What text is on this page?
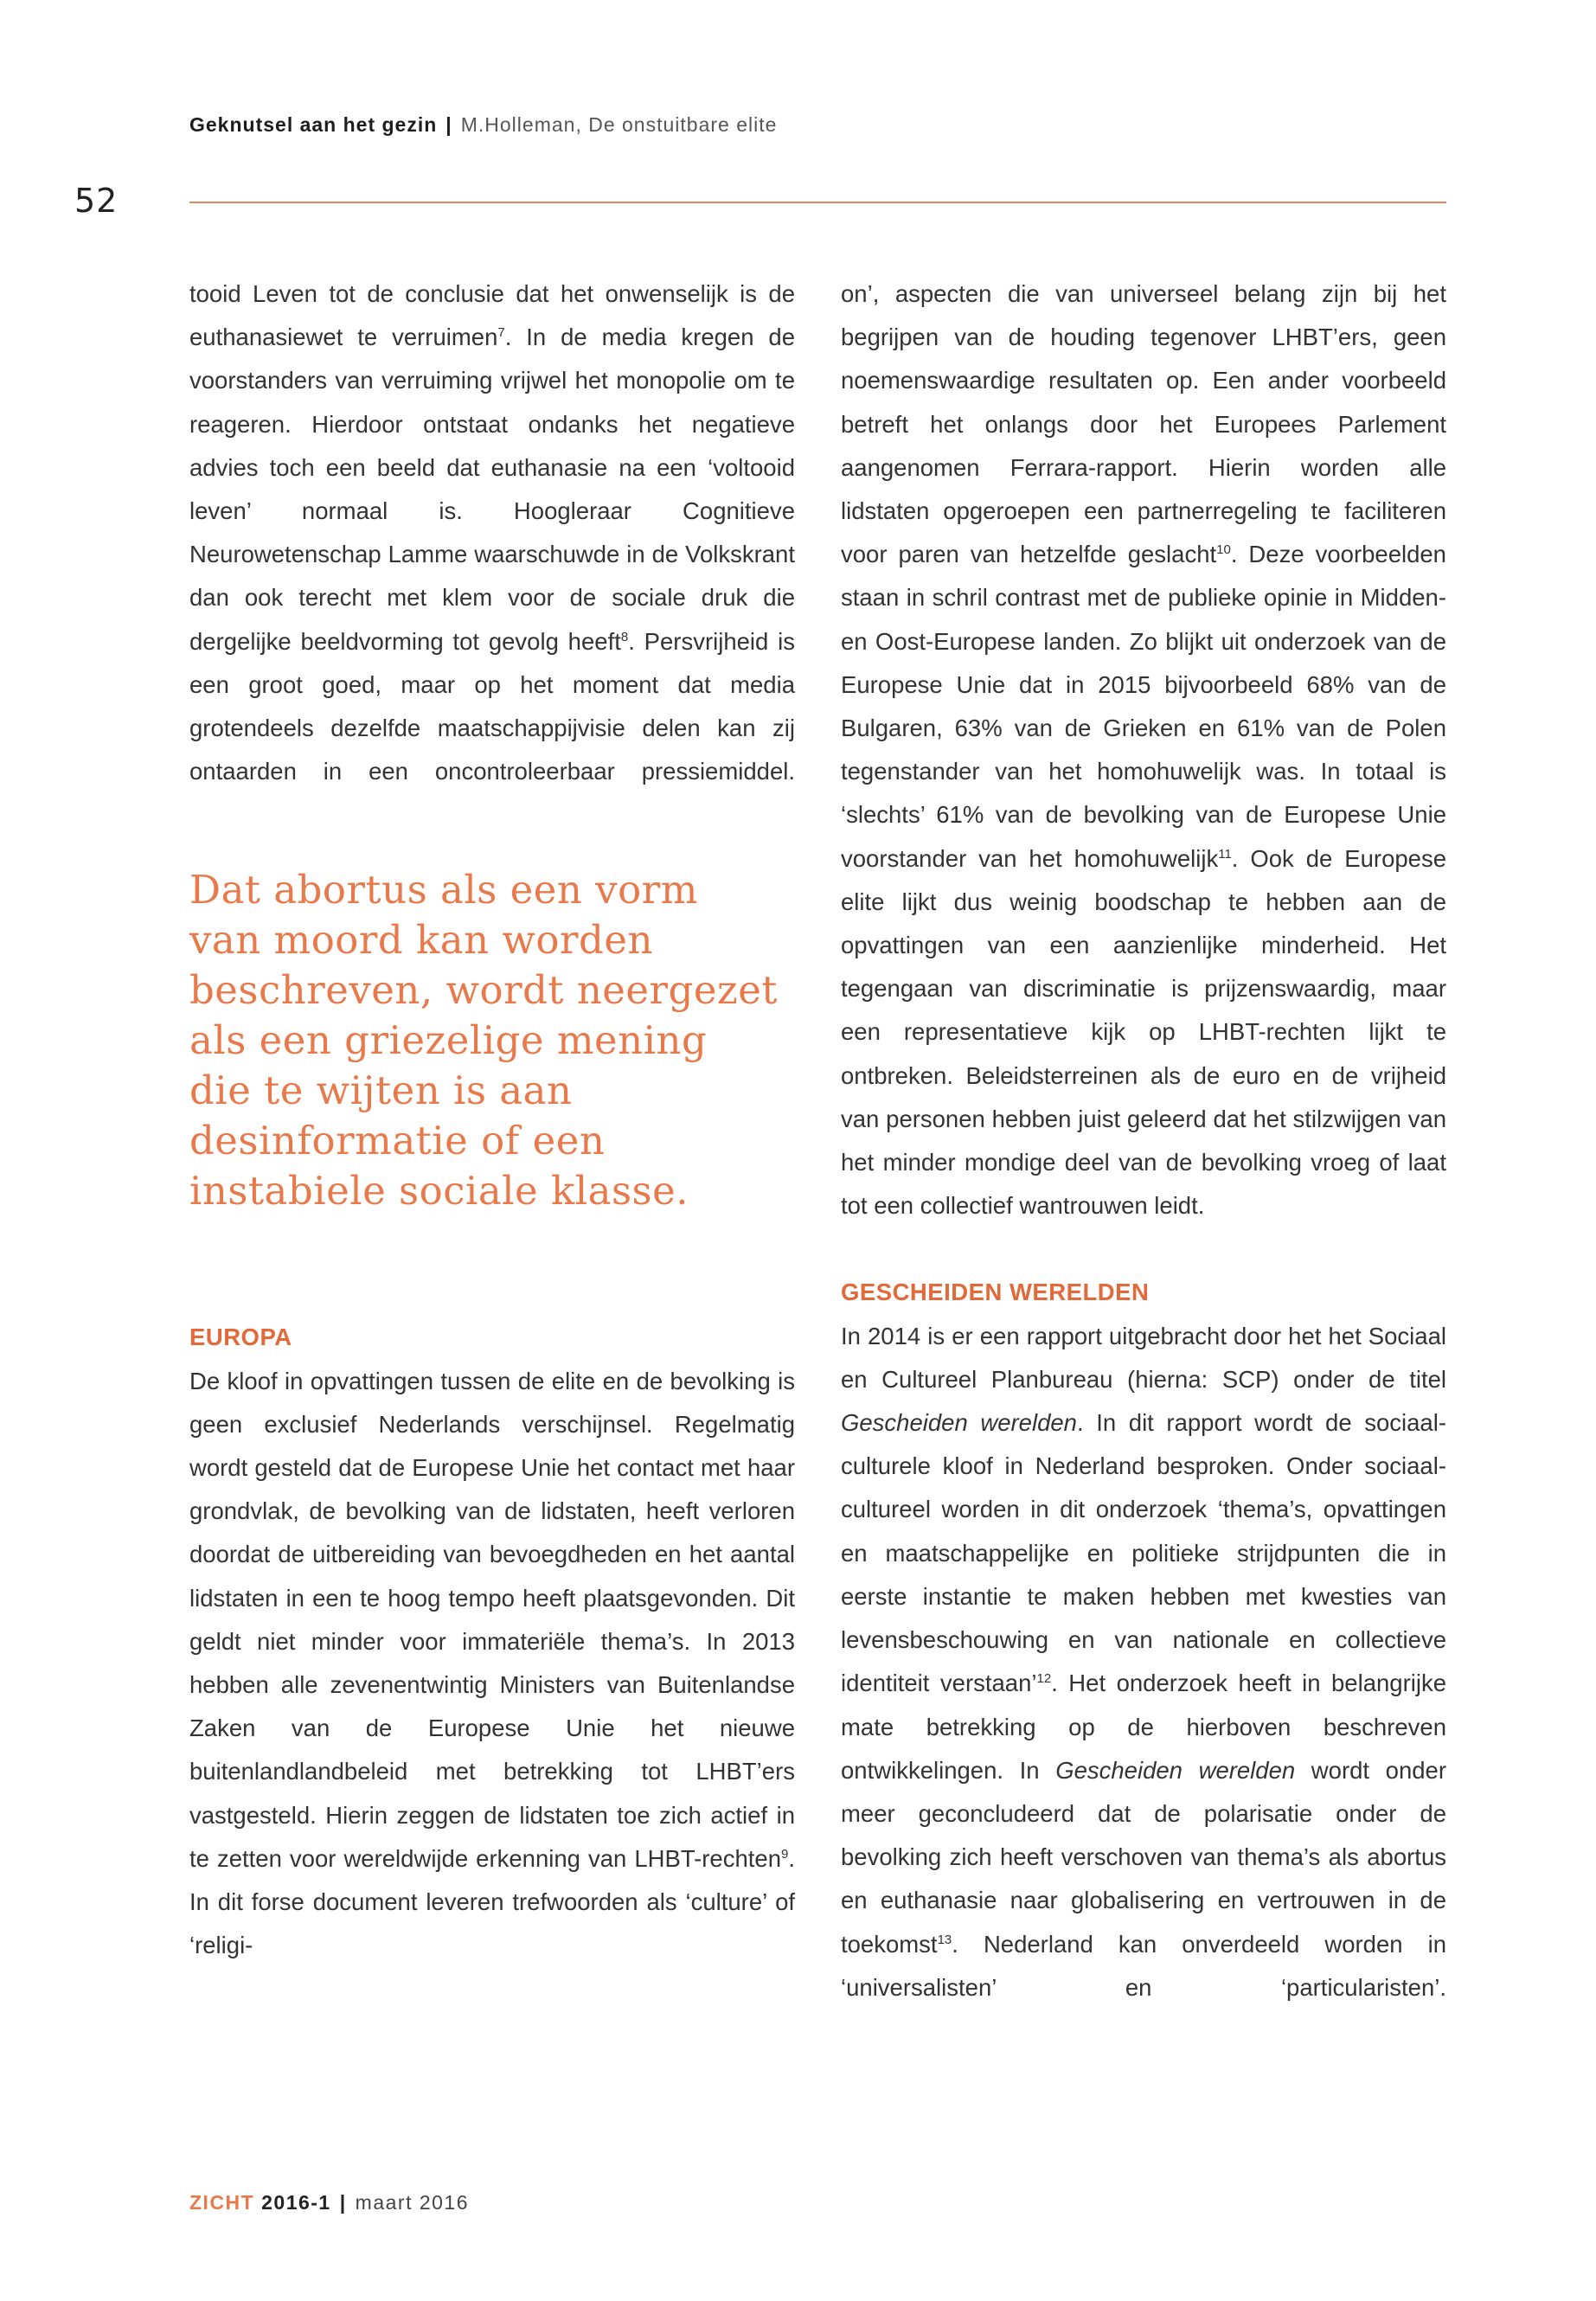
Geknutsel aan het gezin | M.Holleman, De onstuitbare elite
52

tooid Leven tot de conclusie dat het onwenselijk is de euthanasiewet te verruimen$^7$. In de media kregen de voorstanders van verruiming vrijwel het monopolie om te reageren. Hierdoor ontstaat ondanks het negatieve advies toch een beeld dat euthanasie na een ‘voltooid leven’ normaal is. Hoogleraar Cognitieve Neurowetenschap Lamme waarschuwde in de Volkskrant dan ook terecht met klem voor de sociale druk die dergelijke beeldvorming tot gevolg heeft$^8$. Persvrijheid is een groot goed, maar op het moment dat media grotendeels dezelfde maatschappijvisie delen kan zij ontaarden in een oncontroleerbaar pressiemiddel.

Dat abortus als een vorm
van moord kan worden
beschreven, wordt neergezet
als een griezelige mening
die te wijten is aan
desinformatie of een
instabiele sociale klasse.
EUROPA

De kloof in opvattingen tussen de elite en de bevolking is geen exclusief Nederlands verschijnsel. Regelmatig wordt gesteld dat de Europese Unie het contact met haar grondvlak, de bevolking van de lidstaten, heeft verloren doordat de uitbereiding van bevoegdheden en het aantal lidstaten in een te hoog tempo heeft plaatsgevonden. Dit geldt niet minder voor immateriële thema’s. In 2013 hebben alle zevenentwintig Ministers van Buitenlandse Zaken van de Europese Unie het nieuwe buitenlandlandbeleid met betrekking tot LHBT’ers vastgesteld. Hierin zeggen de lidstaten toe zich actief in te zetten voor wereldwijde erkenning van LHBT-rechten$^9$. In dit forse document leveren trefwoorden als ‘culture’ of ‘religi-

on’, aspecten die van universeel belang zijn bij het begrijpen van de houding tegenover LHBT’ers, geen noemenswaardige resultaten op. Een ander voorbeeld betreft het onlangs door het Europees Parlement aangenomen Ferrara-rapport. Hierin worden alle lidstaten opgeroepen een partnerregeling te faciliteren voor paren van hetzelfde geslacht$^{10}$. Deze voorbeelden staan in schril contrast met de publieke opinie in Midden- en Oost-Europese landen. Zo blijkt uit onderzoek van de Europese Unie dat in 2015 bijvoorbeeld 68% van de Bulgaren, 63% van de Grieken en 61% van de Polen tegenstander van het homohuwelijk was. In totaal is ‘slechts’ 61% van de bevolking van de Europese Unie voorstander van het homohuwelijk$^{11}$. Ook de Europese elite lijkt dus weinig boodschap te hebben aan de opvattingen van een aanzienlijke minderheid. Het tegengaan van discriminatie is prijzenswaardig, maar een representatieve kijk op LHBT-rechten lijkt te ontbreken. Beleidsterreinen als de euro en de vrijheid van personen hebben juist geleerd dat het stilzwijgen van het minder mondige deel van de bevolking vroeg of laat tot een collectief wantrouwen leidt.

GESCHEIDEN WERELDEN

In 2014 is er een rapport uitgebracht door het het Sociaal en Cultureel Planbureau (hierna: SCP) onder de titel Gescheiden werelden. In dit rapport wordt de sociaal-culturele kloof in Nederland besproken. Onder sociaal-cultureel worden in dit onderzoek ‘thema’s, opvattingen en maatschappelijke en politieke strijdpunten die in eerste instantie te maken hebben met kwesties van levensbeschouwing en van nationale en collectieve identiteit verstaan’$^{12}$. Het onderzoek heeft in belangrijke mate betrekking op de hierboven beschreven ontwikkelingen. In Gescheiden werelden wordt onder meer geconcludeerd dat de polarisatie onder de bevolking zich heeft verschoven van thema’s als abortus en euthanasie naar globalisering en vertrouwen in de toekomst$^{13}$. Nederland kan onverdeeld worden in ‘universalisten’ en ‘particularisten’.

ZICHT 2016-1 | maart 2016
